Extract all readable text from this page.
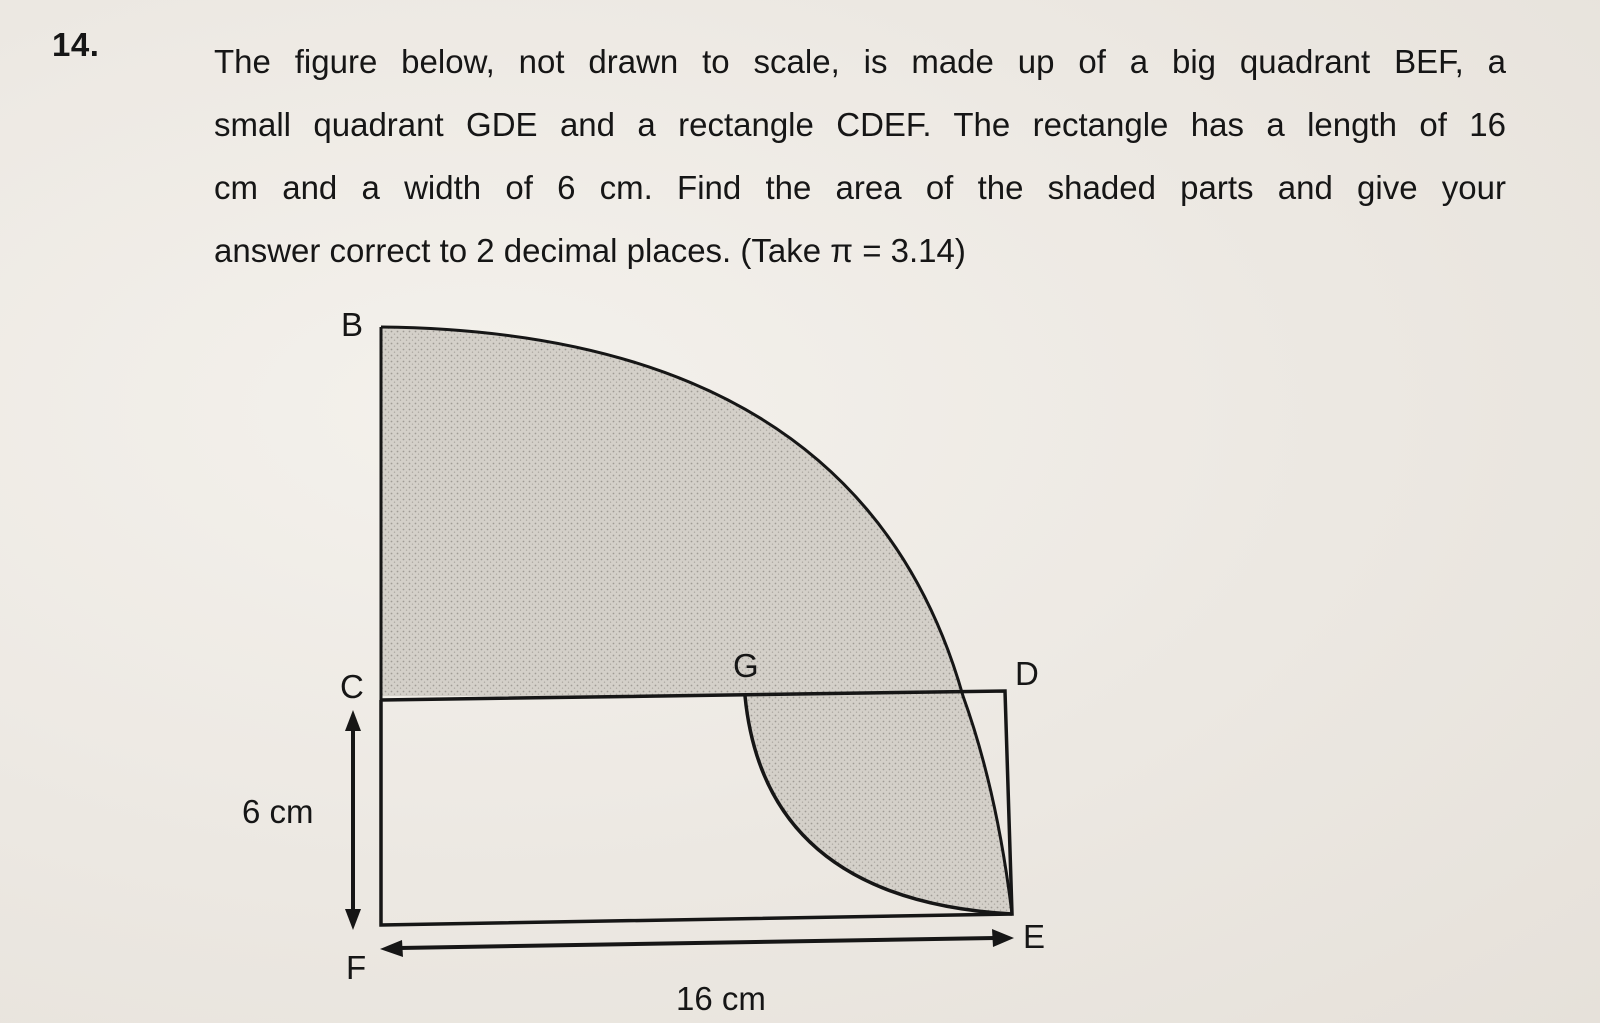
14.	The figure below, not drawn to scale, is made up of a big quadrant BEF, a
small quadrant GDE and a rectangle CDEF. The rectangle has a length of 16
cm and a width of 6 cm. Find the area of the shaded parts and give your
answer correct to 2 decimal places. (Take π = 3.14)
B
C
G	D
E
F
6 cm
16 cm
